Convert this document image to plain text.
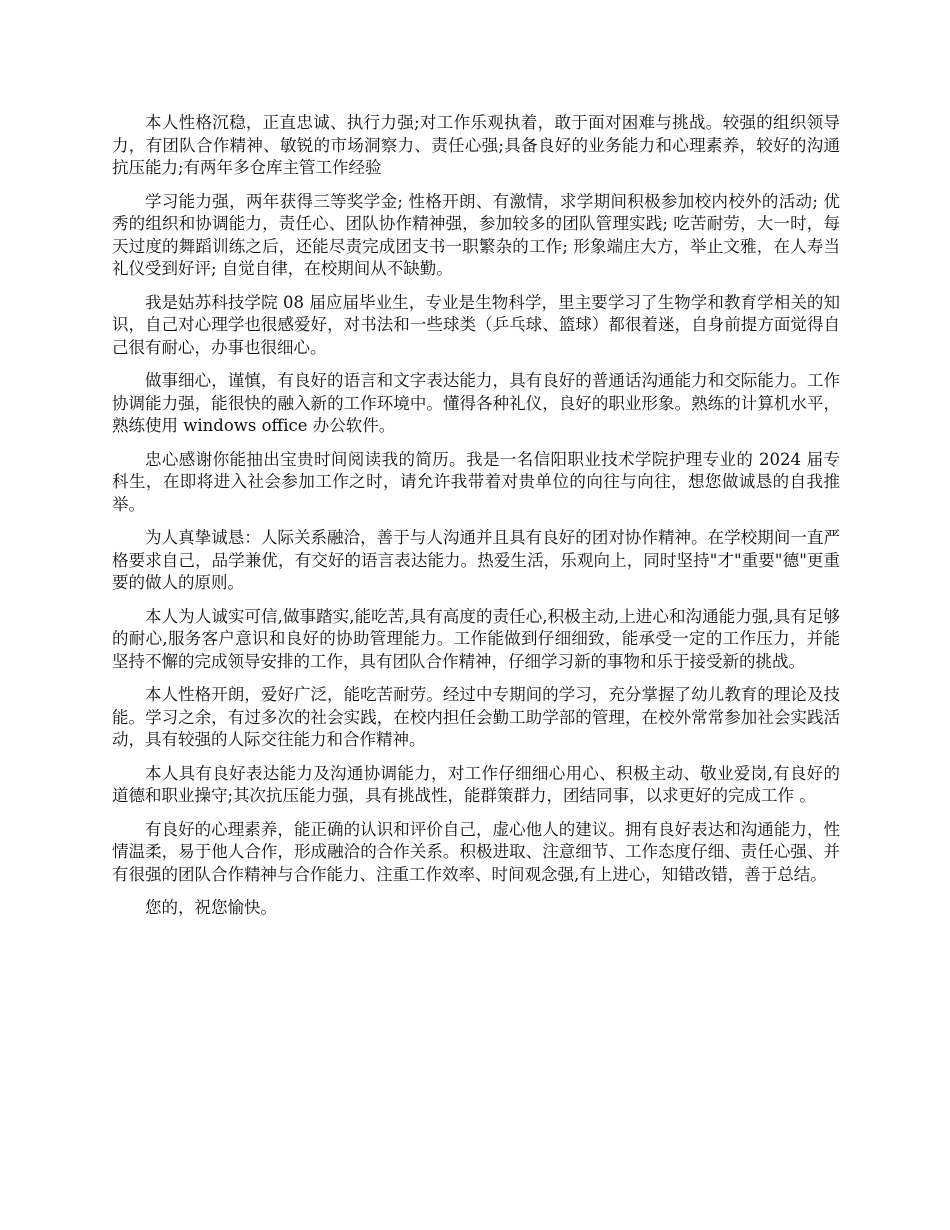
本人性格沉稳，正直忠诚、执行力强;对工作乐观执着，敢于面对困难与挑战。较强的组织领导力，有团队合作精神、敏锐的市场洞察力、责任心强;具备良好的业务能力和心理素养，较好的沟通抗压能力;有两年多仓库主管工作经验

学习能力强，两年获得三等奖学金; 性格开朗、有激情，求学期间积极参加校内校外的活动; 优秀的组织和协调能力，责任心、团队协作精神强，参加较多的团队管理实践; 吃苦耐劳，大一时，每天过度的舞蹈训练之后，还能尽责完成团支书一职繁杂的工作; 形象端庄大方，举止文雅，在人寿当礼仪受到好评; 自觉自律，在校期间从不缺勤。

我是姑苏科技学院 08 届应届毕业生，专业是生物科学，里主要学习了生物学和教育学相关的知识，自己对心理学也很感爱好，对书法和一些球类（乒乓球、篮球）都很着迷，自身前提方面觉得自己很有耐心，办事也很细心。

做事细心，谨慎，有良好的语言和文字表达能力，具有良好的普通话沟通能力和交际能力。工作协调能力强，能很快的融入新的工作环境中。懂得各种礼仪，良好的职业形象。熟练的计算机水平，熟练使用 windows office 办公软件。

忠心感谢你能抽出宝贵时间阅读我的简历。我是一名信阳职业技术学院护理专业的 2024 届专科生，在即将进入社会参加工作之时，请允许我带着对贵单位的向往与向往，想您做诚恳的自我推举。

为人真挚诚恳：人际关系融洽，善于与人沟通并且具有良好的团对协作精神。在学校期间一直严格要求自己，品学兼优，有交好的语言表达能力。热爱生活，乐观向上，同时坚持"才"重要"德"更重要的做人的原则。

本人为人诚实可信,做事踏实,能吃苦,具有高度的责任心,积极主动,上进心和沟通能力强,具有足够的耐心,服务客户意识和良好的协助管理能力。工作能做到仔细细致，能承受一定的工作压力，并能坚持不懈的完成领导安排的工作，具有团队合作精神，仔细学习新的事物和乐于接受新的挑战。

本人性格开朗，爱好广泛，能吃苦耐劳。经过中专期间的学习，充分掌握了幼儿教育的理论及技能。学习之余，有过多次的社会实践，在校内担任会勤工助学部的管理，在校外常常参加社会实践活动，具有较强的人际交往能力和合作精神。

本人具有良好表达能力及沟通协调能力，对工作仔细细心用心、积极主动、敬业爱岗,有良好的道德和职业操守;其次抗压能力强，具有挑战性，能群策群力，团结同事，以求更好的完成工作 。

有良好的心理素养，能正确的认识和评价自己，虚心他人的建议。拥有良好表达和沟通能力，性情温柔，易于他人合作，形成融洽的合作关系。积极进取、注意细节、工作态度仔细、责任心强、并有很强的团队合作精神与合作能力、注重工作效率、时间观念强,有上进心，知错改错，善于总结。

您的，祝您愉快。
